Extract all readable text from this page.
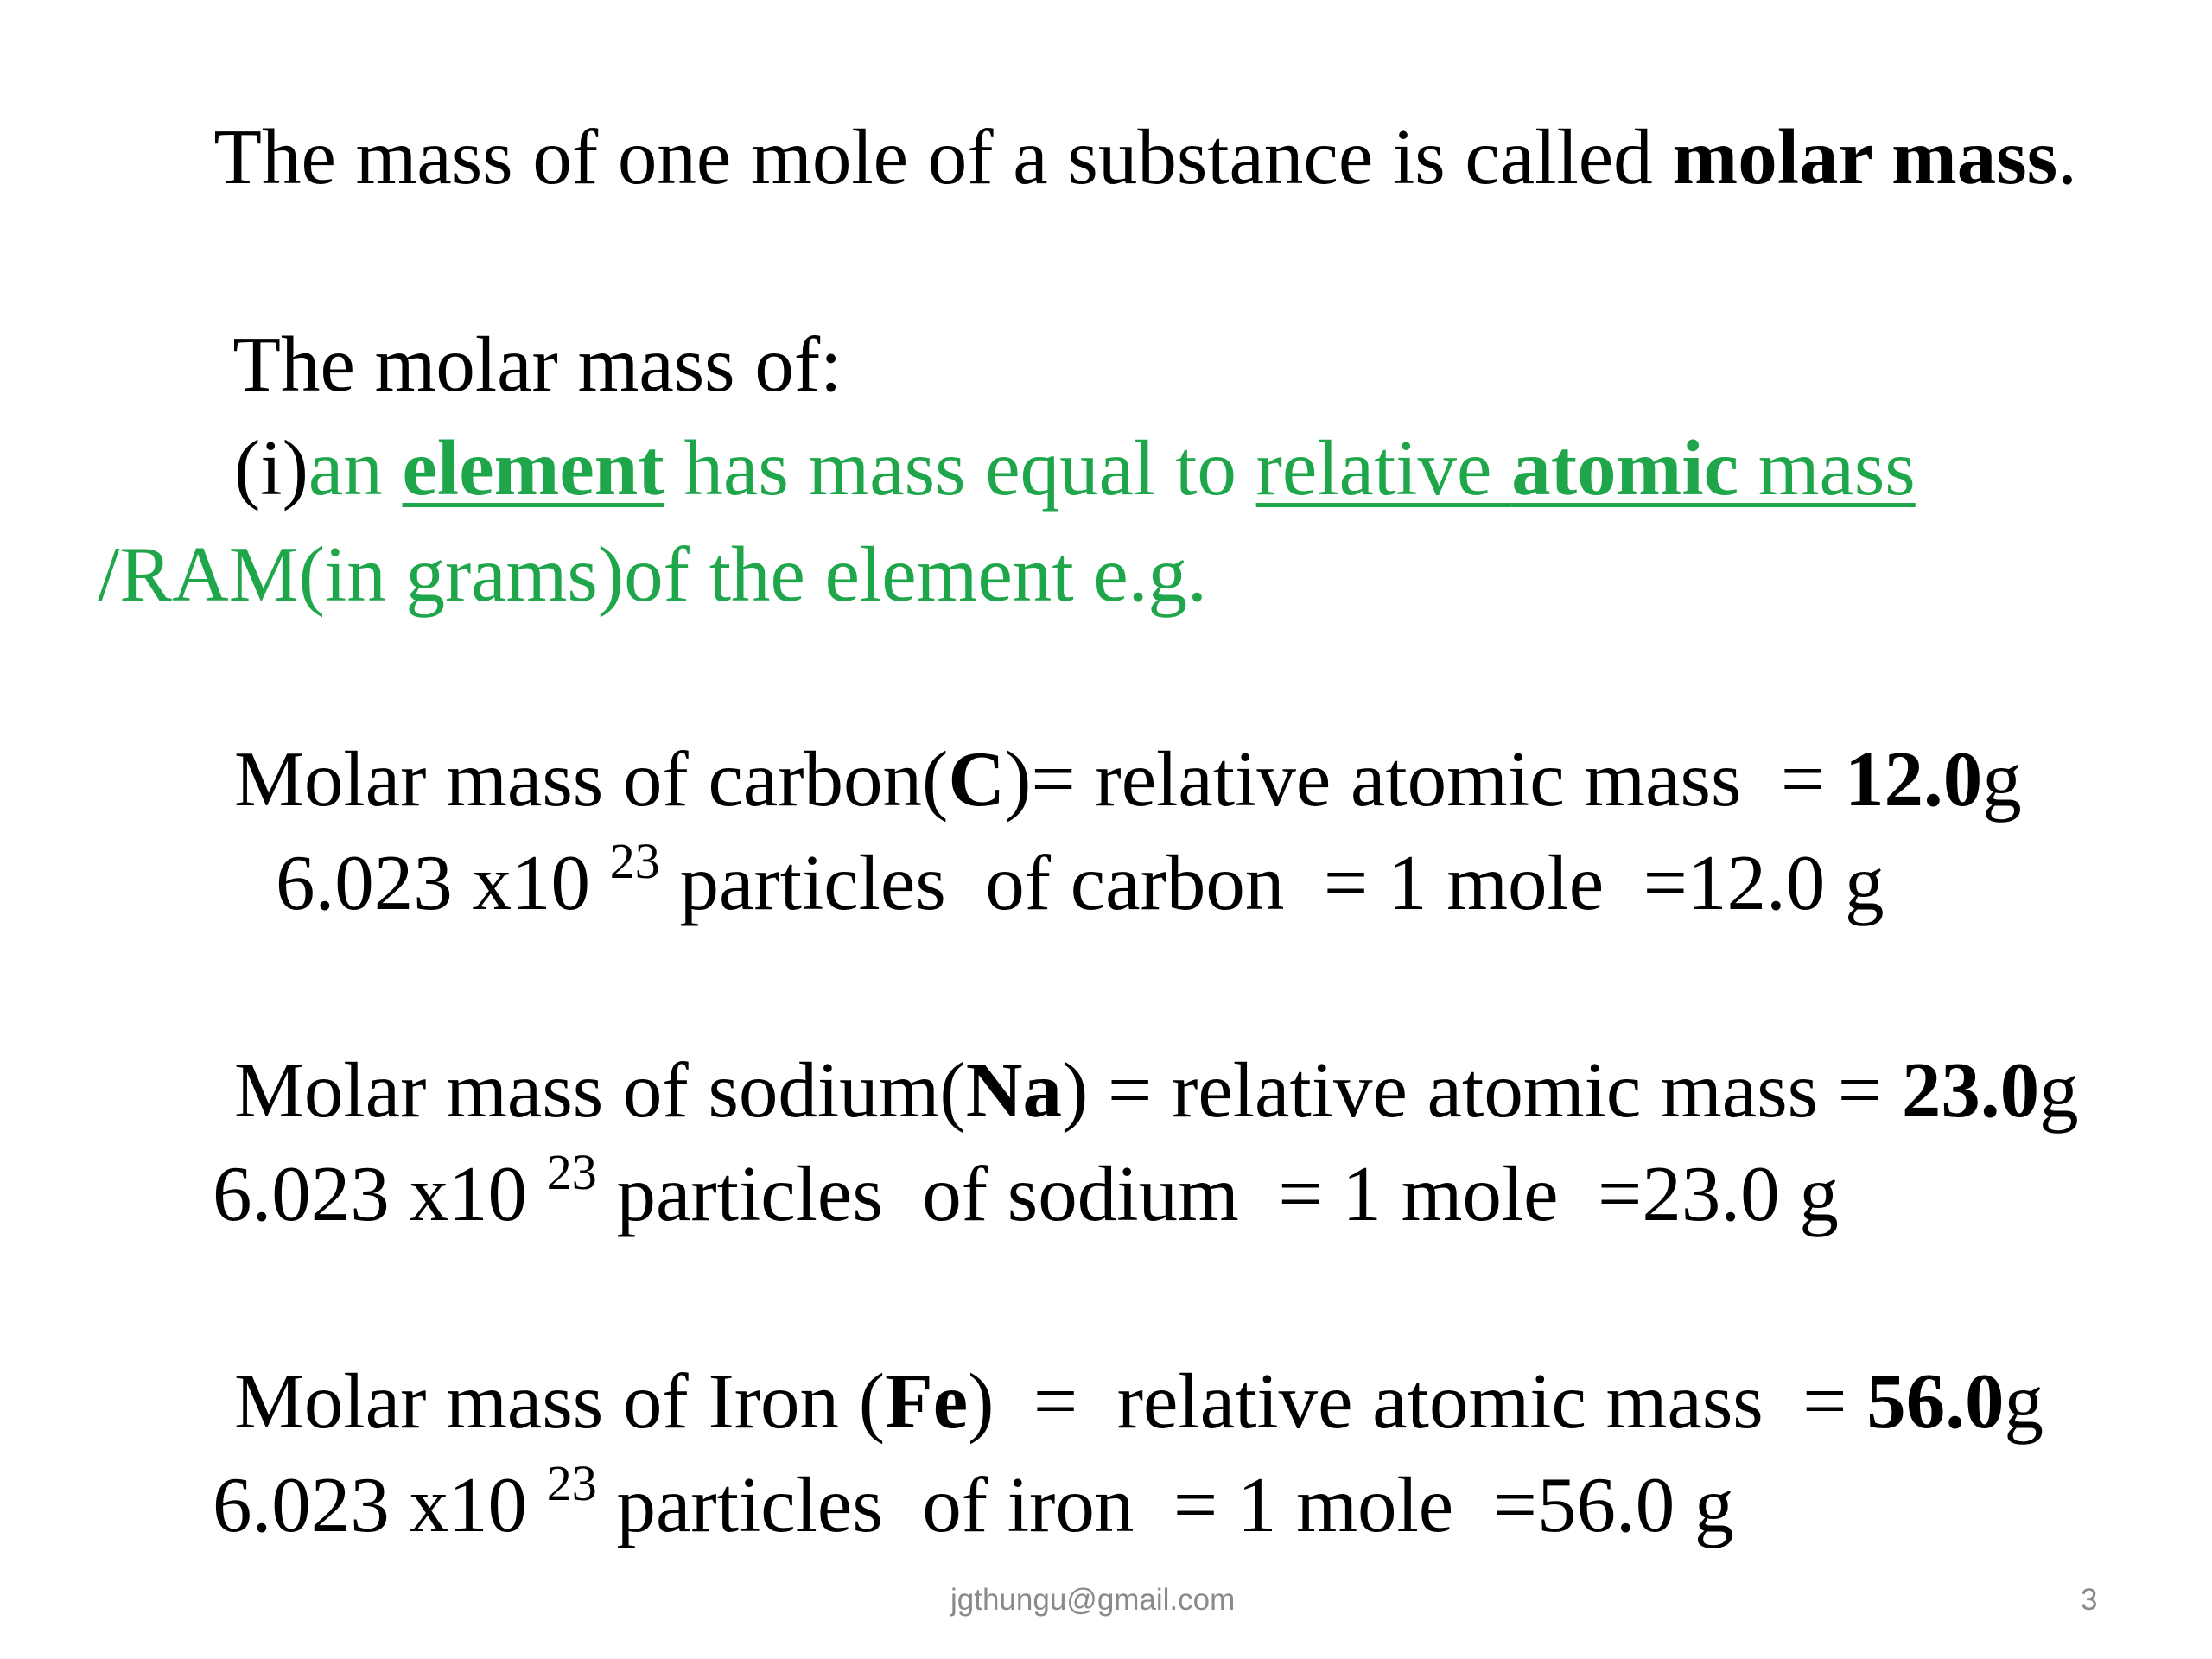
The mass of one mole of a substance is called molar mass.

The molar mass of:

(i)an element has mass equal to relative atomic mass

/RAM(in grams)of the element e.g.

Molar mass of carbon(C)= relative atomic mass  = 12.0g

6.023 x10 $^{23}$ particles  of carbon  = 1 mole  =12.0 g

Molar mass of sodium(Na) = relative atomic mass = 23.0g

6.023 x10 $^{23}$ particles  of sodium  = 1 mole  =23.0 g

Molar mass of Iron (Fe)  =  relative atomic mass  = 56.0g

6.023 x10 $^{23}$ particles  of iron  = 1 mole  =56.0 g

jgthungu@gmail.com	3
